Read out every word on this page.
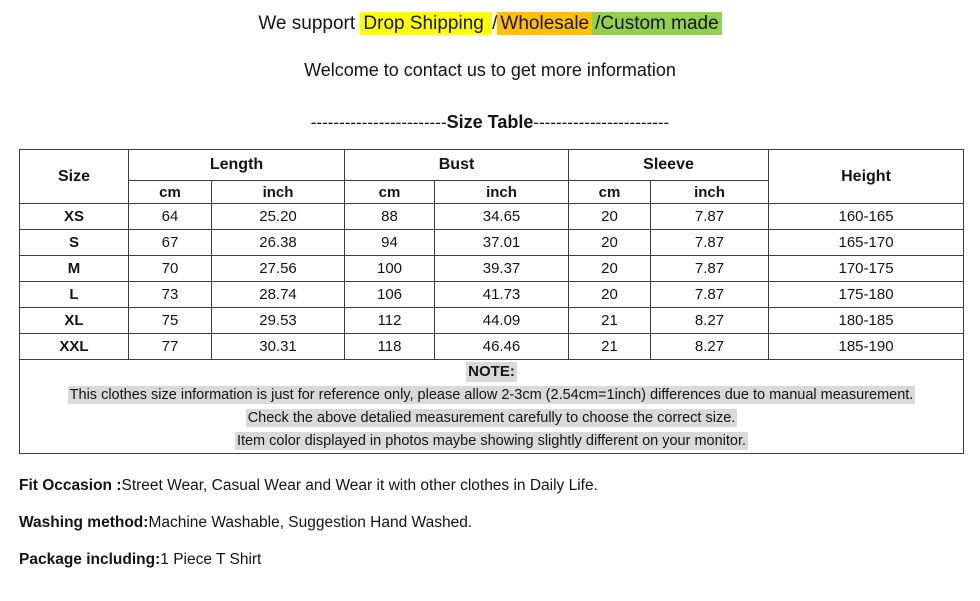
We support Drop Shipping / Wholesale /Custom made
Welcome to contact us to get more information
------------------------Size Table------------------------
Size	Length		Bust		Sleeve		Height
	cm	inch	cm	inch	cm	inch	
XS	64	25.20	88	34.65	20	7.87	160-165
S	67	26.38	94	37.01	20	7.87	165-170
M	70	27.56	100	39.37	20	7.87	170-175
L	73	28.74	106	41.73	20	7.87	175-180
XL	75	29.53	112	44.09	21	8.27	180-185
XXL	77	30.31	118	46.46	21	8.27	185-190
NOTE:
This clothes size information is just for reference only, please allow 2-3cm (2.54cm=1inch) differences due to manual measurement.
Check the above detalied measurement carefully to choose the correct size.
Item color displayed in photos maybe showing slightly different on your monitor.							
Fit Occasion :Street Wear, Casual Wear and Wear it with other clothes in Daily Life.
Washing method:Machine Washable, Suggestion Hand Washed.
Package including:1 Piece T Shirt
